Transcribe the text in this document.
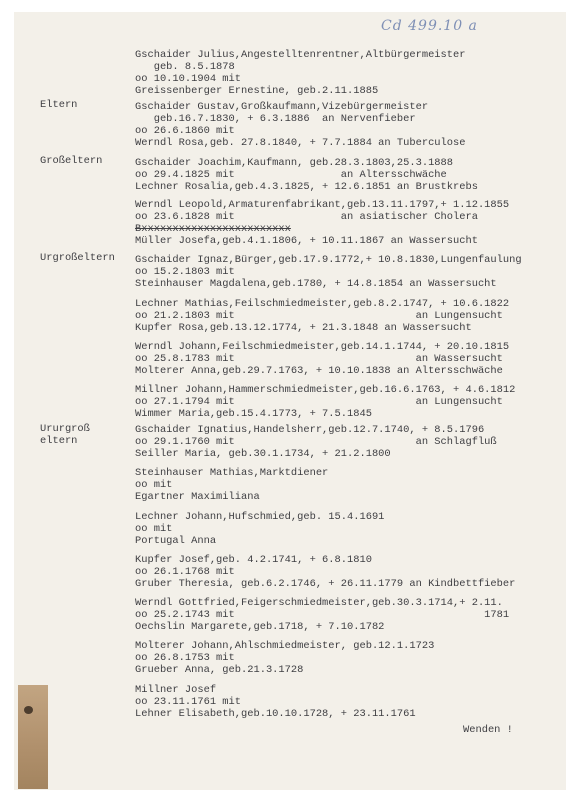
Cd 499.10 a
Eltern
Großeltern
Urgroßeltern
Ururgroß
eltern
Gschaider Julius,Angestelltenrentner,Altbürgermeister
geb. 8.5.1878
oo 10.10.1904 mit
Greissenberger Ernestine, geb.2.11.1885
Gschaider Gustav,Großkaufmann,Vizebürgermeister
geb.16.7.1830, + 6.3.1886  an Nervenfieber
oo 26.6.1860 mit
Werndl Rosa,geb. 27.8.1840, + 7.7.1884 an Tuberculose
Gschaider Joachim,Kaufmann, geb.28.3.1803,25.3.1888
oo 29.4.1825 mit                 an Altersschwäche
Lechner Rosalia,geb.4.3.1825, + 12.6.1851 an Brustkrebs
Werndl Leopold,Armaturenfabrikant,geb.13.11.1797,+ 1.12.1855
oo 23.6.1828 mit                 an asiatischer Cholera
Bxxxxxxxxxxxxxxxxxxxxxxxx
Müller Josefa,geb.4.1.1806, + 10.11.1867 an Wassersucht
Gschaider Ignaz,Bürger,geb.17.9.1772,+ 10.8.1830,Lungenfaulung
oo 15.2.1803 mit
Steinhauser Magdalena,geb.1780, + 14.8.1854 an Wassersucht
Lechner Mathias,Feilschmiedmeister,geb.8.2.1747, + 10.6.1822
oo 21.2.1803 mit                             an Lungensucht
Kupfer Rosa,geb.13.12.1774, + 21.3.1848 an Wassersucht
Werndl Johann,Feilschmiedmeister,geb.14.1.1744, + 20.10.1815
oo 25.8.1783 mit                             an Wassersucht
Molterer Anna,geb.29.7.1763, + 10.10.1838 an Altersschwäche
Millner Johann,Hammerschmiedmeister,geb.16.6.1763, + 4.6.1812
oo 27.1.1794 mit                             an Lungensucht
Wimmer Maria,geb.15.4.1773, + 7.5.1845
Gschaider Ignatius,Handelsherr,geb.12.7.1740, + 8.5.1796
oo 29.1.1760 mit                             an Schlagfluß
Seiller Maria, geb.30.1.1734, + 21.2.1800
Steinhauser Mathias,Marktdiener
oo mit
Egartner Maximiliana
Lechner Johann,Hufschmied,geb. 15.4.1691
oo mit
Portugal Anna
Kupfer Josef,geb. 4.2.1741, + 6.8.1810
oo 26.1.1768 mit
Gruber Theresia, geb.6.2.1746, + 26.11.1779 an Kindbettfieber
Werndl Gottfried,Feigerschmiedmeister,geb.30.3.1714,+ 2.11.
oo 25.2.1743 mit                                        1781
Oechslin Margarete,geb.1718, + 7.10.1782
Molterer Johann,Ahlschmiedmeister, geb.12.1.1723
oo 26.8.1753 mit
Grueber Anna, geb.21.3.1728
Millner Josef
oo 23.11.1761 mit
Lehner Elisabeth,geb.10.10.1728, + 23.11.1761
Wenden !
